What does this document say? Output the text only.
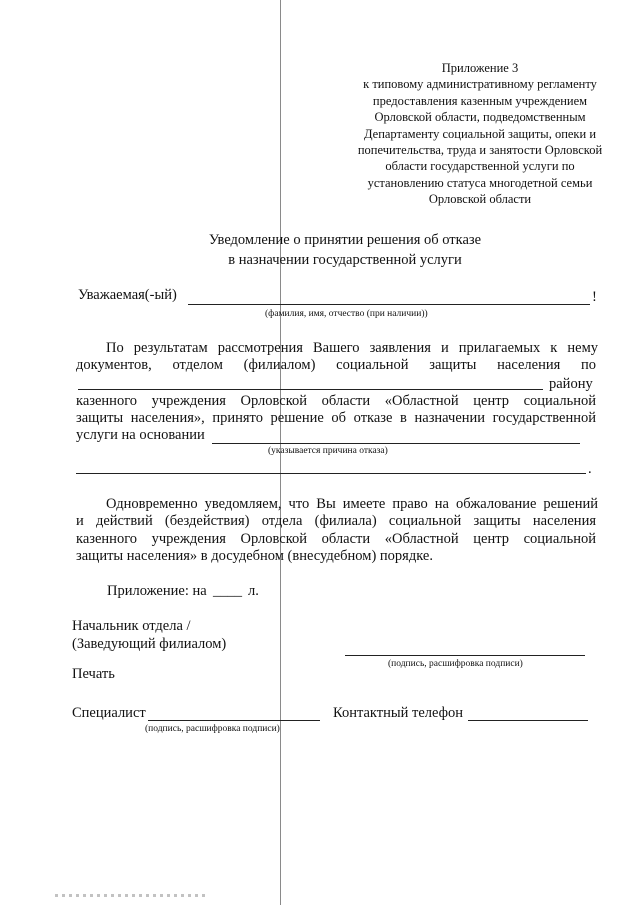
Приложение 3
к типовому административному регламенту
предоставления казенным учреждением
Орловской области, подведомственным
Департаменту социальной защиты, опеки и
попечительства, труда и занятости Орловской
области государственной услуги по
установлению статуса многодетной семьи
Орловской области
Уведомление о принятии решения об отказе
в назначении государственной услуги
Уважаемая(-ый)	!
(фамилия, имя, отчество (при наличии))
По результатам рассмотрения Вашего заявления и прилагаемых к нему
документов, отделом (филиалом) социальной защиты населения по
району
казенного учреждения Орловской области «Областной центр социальной
защиты населения», принято решение об отказе в назначении государственной
услуги на основании
(указывается причина отказа)
.
Одновременно уведомляем, что Вы имеете право на обжалование решений
и действий (бездействия) отдела (филиала) социальной защиты населения
казенного учреждения Орловской области «Областной центр социальной
защиты населения» в досудебном (внесудебном) порядке.
Приложение: на ____ л.
Начальник отдела /
(Заведующий филиалом)
(подпись, расшифровка подписи)
Печать
Специалист
(подпись, расшифровка подписи)
Контактный телефон
